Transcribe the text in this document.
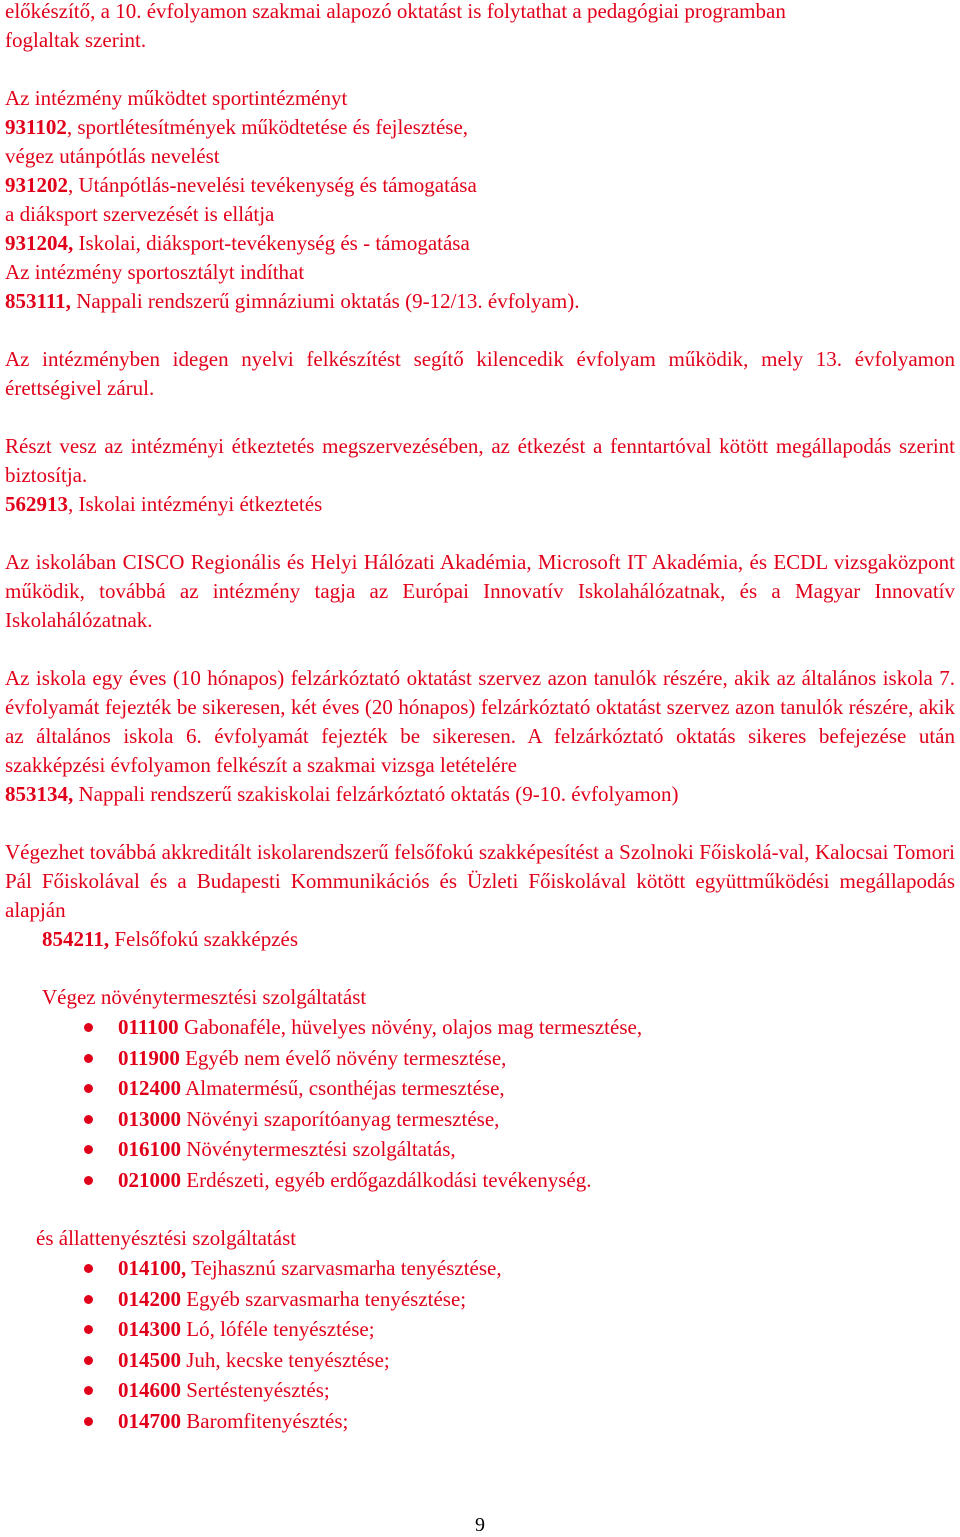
előkészítő, a 10. évfolyamon szakmai alapozó oktatást is folytathat a pedagógiai programban

foglaltak szerint.

Az intézmény működtet sportintézményt

931102, sportlétesítmények működtetése és fejlesztése,

végez utánpótlás nevelést

931202, Utánpótlás-nevelési tevékenység és támogatása

a diáksport szervezését is ellátja

931204, Iskolai, diáksport-tevékenység és - támogatása

Az intézmény sportosztályt indíthat

853111, Nappali rendszerű gimnáziumi oktatás (9-12/13. évfolyam).

Az intézményben idegen nyelvi felkészítést segítő kilencedik évfolyam működik, mely 13. évfolyamon érettségivel zárul.

Részt vesz az intézményi étkeztetés megszervezésében, az étkezést a fenntartóval kötött megállapodás szerint biztosítja.

562913, Iskolai intézményi étkeztetés

Az iskolában CISCO Regionális és Helyi Hálózati Akadémia, Microsoft IT Akadémia, és ECDL vizsgaközpont működik, továbbá az intézmény tagja az Európai Innovatív Iskolahálózatnak, és a Magyar Innovatív Iskolahálózatnak.

Az iskola egy éves (10 hónapos) felzárkóztató oktatást szervez azon tanulók részére, akik az általános iskola 7. évfolyamát fejezték be sikeresen, két éves (20 hónapos) felzárkóztató oktatást szervez azon tanulók részére, akik az általános iskola 6. évfolyamát fejezték be sikeresen. A felzárkóztató oktatás sikeres befejezése után szakképzési évfolyamon felkészít a szakmai vizsga letételére

853134, Nappali rendszerű szakiskolai felzárkóztató oktatás (9-10. évfolyamon)

Végezhet továbbá akkreditált iskolarendszerű felsőfokú szakképesítést a Szolnoki Főiskolá-val, Kalocsai Tomori Pál Főiskolával és a Budapesti Kommunikációs és Üzleti Főiskolával kötött együttműködési megállapodás alapján

854211, Felsőfokú szakképzés

Végez növénytermesztési szolgáltatást

011100 Gabonaféle, hüvelyes növény, olajos mag termesztése,
011900 Egyéb nem évelő növény termesztése,
012400 Almatermésű, csonthéjas termesztése,
013000 Növényi szaporítóanyag termesztése,
016100 Növénytermesztési szolgáltatás,
021000 Erdészeti, egyéb erdőgazdálkodási tevékenység.

és állattenyésztési szolgáltatást

014100, Tejhasznú szarvasmarha tenyésztése,
014200 Egyéb szarvasmarha tenyésztése;
014300 Ló, lóféle tenyésztése;
014500 Juh, kecske tenyésztése;
014600 Sertéstenyésztés;
014700 Baromfitenyésztés;
9
